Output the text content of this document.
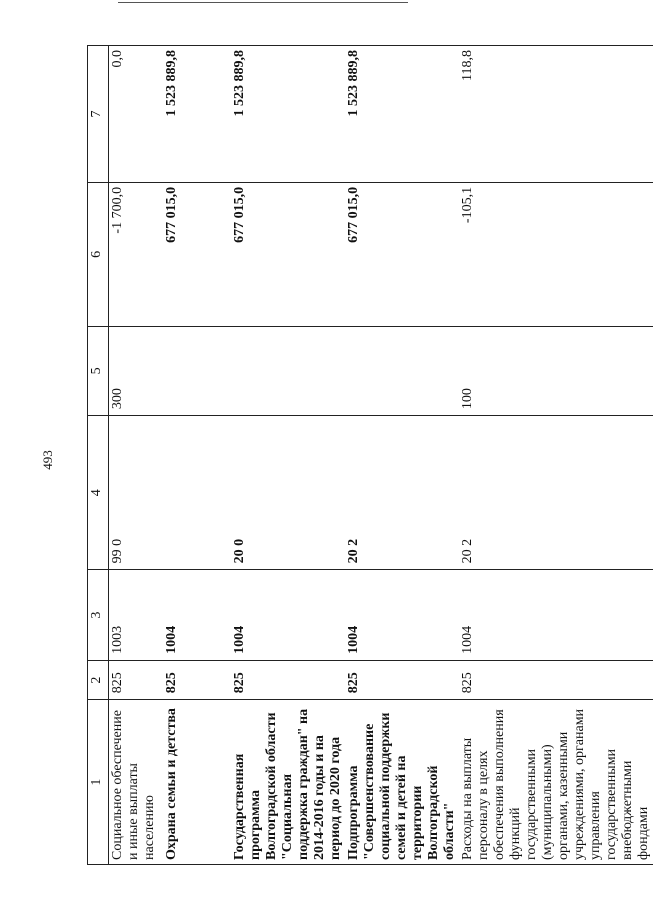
493
1	2	3	4	5	6	7
Социальное обеспечение и иные выплаты населению	825	1003	99 0	300	-1 700,0	0,0
Охрана семьи и детства	825	1004			677 015,0	1 523 889,8
Государственная программа Волгоградской области "Социальная поддержка граждан" на 2014-2016 годы и на период до 2020 года	825	1004	20 0		677 015,0	1 523 889,8
Подпрограмма "Совершенствование социальной поддержки семей и детей на территории Волгоградской области"	825	1004	20 2		677 015,0	1 523 889,8
Расходы на выплаты персоналу в целях обеспечения выполнения функций государственными (муниципальными) органами, казенными учреждениями, органами управления государственными внебюджетными фондами	825	1004	20 2	100	-105,1	118,8
